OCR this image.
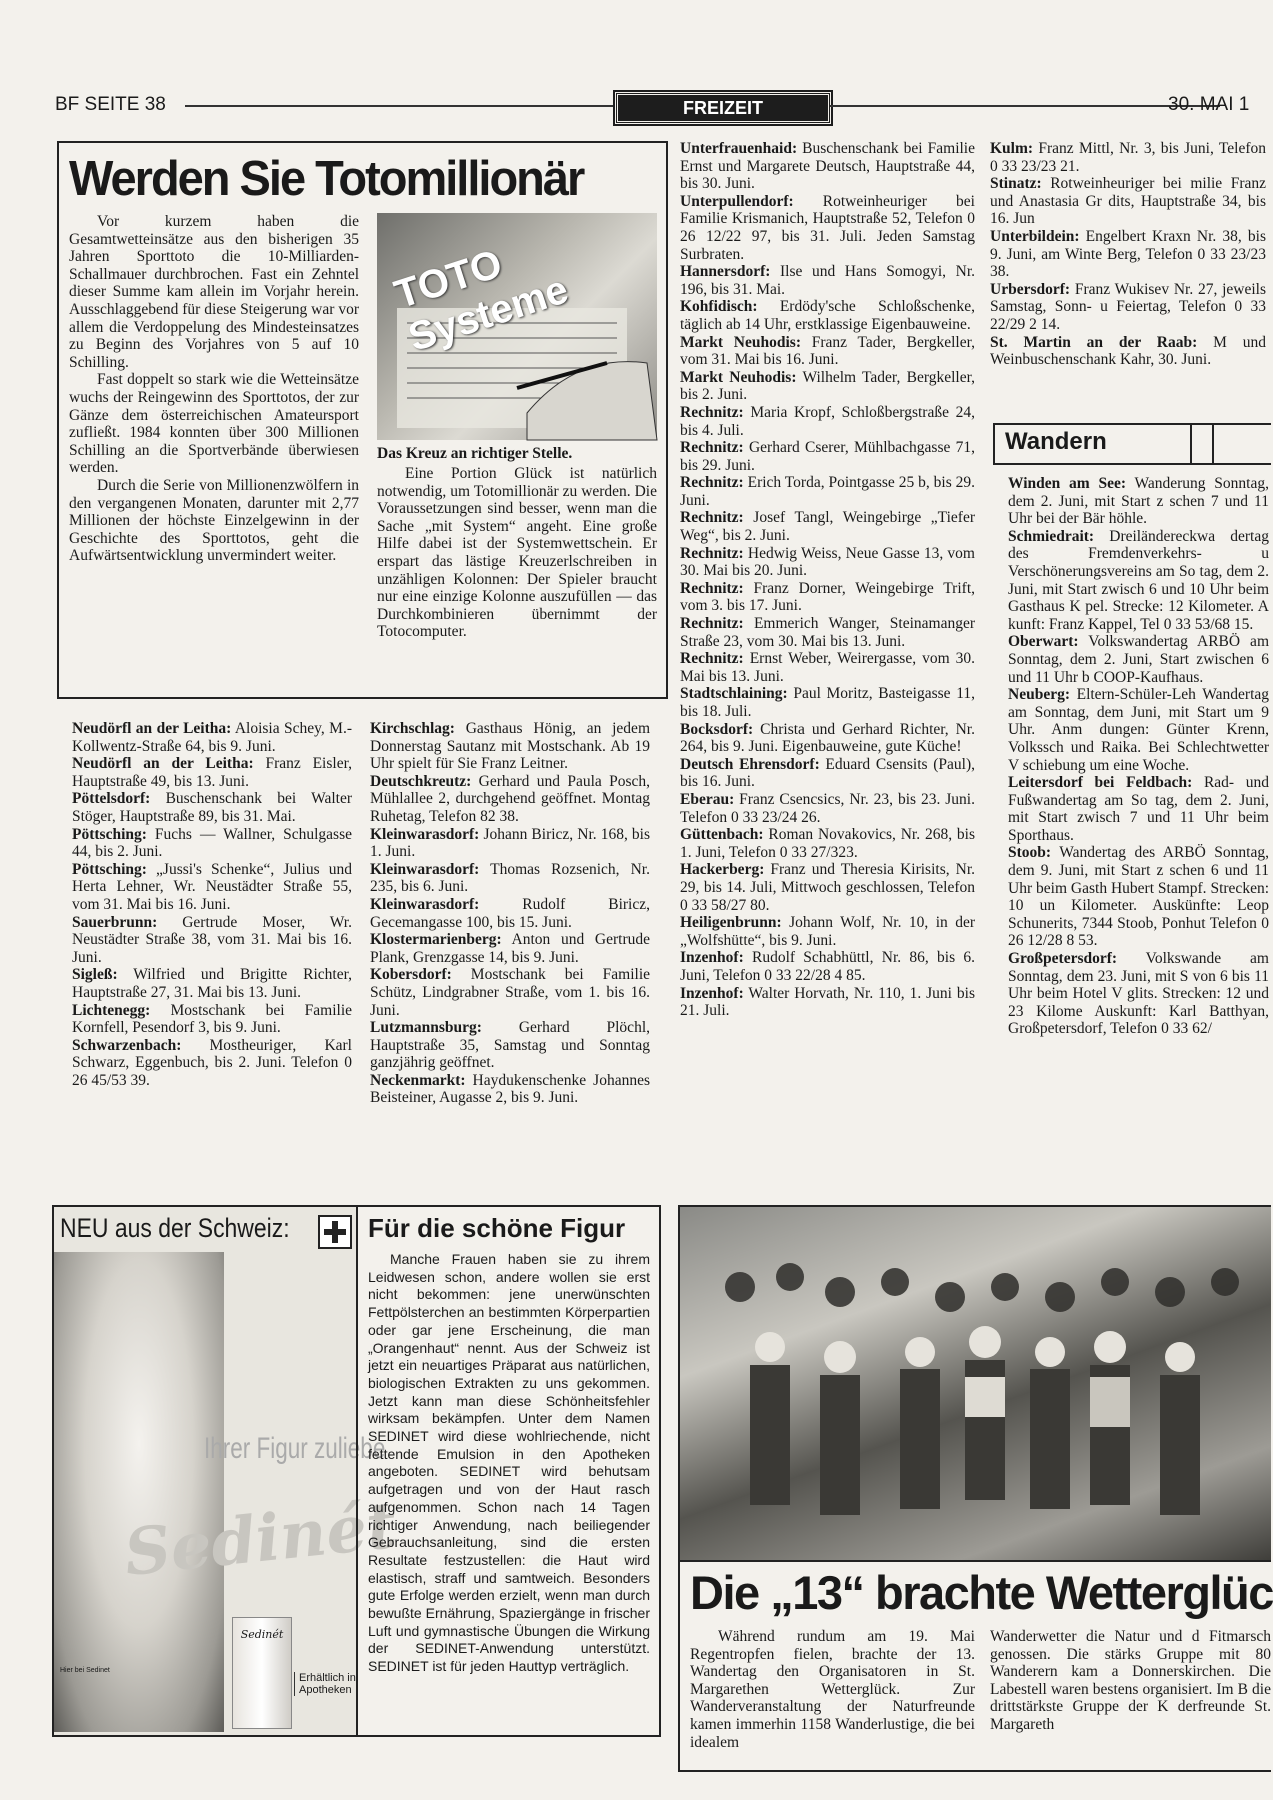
BF SEITE 38	FREIZEIT	30. MAI 1
Werden Sie Totomillionär

Vor kurzem haben die Gesamtwetteinsätze aus den bisherigen 35 Jahren Sporttoto die 10-Milliarden-Schallmauer durchbrochen. Fast ein Zehntel dieser Summe kam allein im Vorjahr herein. Ausschlaggebend für diese Steigerung war vor allem die Verdoppelung des Mindesteinsatzes zu Beginn des Vorjahres von 5 auf 10 Schilling.

Fast doppelt so stark wie die Wetteinsätze wuchs der Reingewinn des Sporttotos, der zur Gänze dem österreichischen Amateursport zufließt. 1984 konnten über 300 Millionen Schilling an die Sportverbände überwiesen werden.

Durch die Serie von Millionenzwölfern in den vergangenen Monaten, darunter mit 2,77 Millionen der höchste Einzelgewinn in der Geschichte des Sporttotos, geht die Aufwärtsentwicklung unvermindert weiter.

TOTO Systeme
Das Kreuz an richtiger Stelle.

Eine Portion Glück ist natürlich notwendig, um Totomillionär zu werden. Die Voraussetzungen sind besser, wenn man die Sache „mit System“ angeht. Eine große Hilfe dabei ist der Systemwettschein. Er erspart das lästige Kreuzerlschreiben in unzähligen Kolonnen: Der Spieler braucht nur eine einzige Kolonne auszufüllen — das Durchkombinieren übernimmt der Totocomputer.

Neudörfl an der Leitha: Aloisia Schey, M.-Kollwentz-Straße 64, bis 9. Juni.

Neudörfl an der Leitha: Franz Eisler, Hauptstraße 49, bis 13. Juni.

Pöttelsdorf: Buschenschank bei Walter Stöger, Hauptstraße 89, bis 31. Mai.

Pöttsching: Fuchs — Wallner, Schulgasse 44, bis 2. Juni.

Pöttsching: „Jussi's Schenke“, Julius und Herta Lehner, Wr. Neustädter Straße 55, vom 31. Mai bis 16. Juni.

Sauerbrunn: Gertrude Moser, Wr. Neustädter Straße 38, vom 31. Mai bis 16. Juni.

Sigleß: Wilfried und Brigitte Richter, Hauptstraße 27, 31. Mai bis 13. Juni.

Lichtenegg: Mostschank bei Familie Kornfell, Pesendorf 3, bis 9. Juni.

Schwarzenbach: Mostheuriger, Karl Schwarz, Eggenbuch, bis 2. Juni. Telefon 0 26 45/53 39.

Kirchschlag: Gasthaus Hönig, an jedem Donnerstag Sautanz mit Mostschank. Ab 19 Uhr spielt für Sie Franz Leitner.

Deutschkreutz: Gerhard und Paula Posch, Mühlallee 2, durchgehend geöffnet. Montag Ruhetag, Telefon 82 38.

Kleinwarasdorf: Johann Biricz, Nr. 168, bis 1. Juni.

Kleinwarasdorf: Thomas Rozsenich, Nr. 235, bis 6. Juni.

Kleinwarasdorf: Rudolf Biricz, Gecemangasse 100, bis 15. Juni.

Klostermarienberg: Anton und Gertrude Plank, Grenzgasse 14, bis 9. Juni.

Kobersdorf: Mostschank bei Familie Schütz, Lindgrabner Straße, vom 1. bis 16. Juni.

Lutzmannsburg: Gerhard Plöchl, Hauptstraße 35, Samstag und Sonntag ganzjährig geöffnet.

Neckenmarkt: Haydukenschenke Johannes Beisteiner, Augasse 2, bis 9. Juni.

Unterfrauenhaid: Buschenschank bei Familie Ernst und Margarete Deutsch, Hauptstraße 44, bis 30. Juni.

Unterpullendorf: Rotweinheuriger bei Familie Krismanich, Hauptstraße 52, Telefon 0 26 12/22 97, bis 31. Juli. Jeden Samstag Surbraten.

Hannersdorf: Ilse und Hans Somogyi, Nr. 196, bis 31. Mai.

Kohfidisch: Erdödy'sche Schloßschenke, täglich ab 14 Uhr, erstklassige Eigenbauweine.

Markt Neuhodis: Franz Tader, Bergkeller, vom 31. Mai bis 16. Juni.

Markt Neuhodis: Wilhelm Tader, Bergkeller, bis 2. Juni.

Rechnitz: Maria Kropf, Schloßbergstraße 24, bis 4. Juli.

Rechnitz: Gerhard Cserer, Mühlbachgasse 71, bis 29. Juni.

Rechnitz: Erich Torda, Pointgasse 25 b, bis 29. Juni.

Rechnitz: Josef Tangl, Weingebirge „Tiefer Weg“, bis 2. Juni.

Rechnitz: Hedwig Weiss, Neue Gasse 13, vom 30. Mai bis 20. Juni.

Rechnitz: Franz Dorner, Weingebirge Trift, vom 3. bis 17. Juni.

Rechnitz: Emmerich Wanger, Steinamanger Straße 23, vom 30. Mai bis 13. Juni.

Rechnitz: Ernst Weber, Weirergasse, vom 30. Mai bis 13. Juni.

Stadtschlaining: Paul Moritz, Basteigasse 11, bis 18. Juli.

Bocksdorf: Christa und Gerhard Richter, Nr. 264, bis 9. Juni. Eigenbauweine, gute Küche!

Deutsch Ehrensdorf: Eduard Csensits (Paul), bis 16. Juni.

Eberau: Franz Csencsics, Nr. 23, bis 23. Juni. Telefon 0 33 23/24 26.

Güttenbach: Roman Novakovics, Nr. 268, bis 1. Juni, Telefon 0 33 27/323.

Hackerberg: Franz und Theresia Kirisits, Nr. 29, bis 14. Juli, Mittwoch geschlossen, Telefon 0 33 58/27 80.

Heiligenbrunn: Johann Wolf, Nr. 10, in der „Wolfshütte“, bis 9. Juni.

Inzenhof: Rudolf Schabhüttl, Nr. 86, bis 6. Juni, Telefon 0 33 22/28 4 85.

Inzenhof: Walter Horvath, Nr. 110, 1. Juni bis 21. Juli.

Kulm: Franz Mittl, Nr. 3, bis Juni, Telefon 0 33 23/23 21.

Stinatz: Rotweinheuriger bei milie Franz und Anastasia Gr dits, Hauptstraße 34, bis 16. Jun

Unterbildein: Engelbert Kraxn Nr. 38, bis 9. Juni, am Winte Berg, Telefon 0 33 23/23 38.

Urbersdorf: Franz Wukisev Nr. 27, jeweils Samstag, Sonn- u Feiertag, Telefon 0 33 22/29 2 14.

St. Martin an der Raab: M und Weinbuschenschank Kahr, 30. Juni.

Wandern

Winden am See: Wanderung Sonntag, dem 2. Juni, mit Start z schen 7 und 11 Uhr bei der Bär höhle.

Schmiedrait: Dreiländereckwa dertag des Fremdenverkehrs- u Verschönerungsvereins am So tag, dem 2. Juni, mit Start zwisch 6 und 10 Uhr beim Gasthaus K pel. Strecke: 12 Kilometer. A kunft: Franz Kappel, Tel 0 33 53/68 15.

Oberwart: Volkswandertag ARBÖ am Sonntag, dem 2. Juni, Start zwischen 6 und 11 Uhr b COOP-Kaufhaus.

Neuberg: Eltern-Schüler-Leh Wandertag am Sonntag, dem Juni, mit Start um 9 Uhr. Anm dungen: Günter Krenn, Volkssch und Raika. Bei Schlechtwetter V schiebung um eine Woche.

Leitersdorf bei Feldbach: Rad- und Fußwandertag am So tag, dem 2. Juni, mit Start zwisch 7 und 11 Uhr beim Sporthaus.

Stoob: Wandertag des ARBÖ Sonntag, dem 9. Juni, mit Start z schen 6 und 11 Uhr beim Gasth Hubert Stampf. Strecken: 10 un Kilometer. Auskünfte: Leop Schunerits, 7344 Stoob, Ponhut Telefon 0 26 12/28 8 53.

Großpetersdorf: Volkswande am Sonntag, dem 23. Juni, mit S von 6 bis 11 Uhr beim Hotel V glits. Strecken: 12 und 23 Kilome Auskunft: Karl Batthyan, Großpetersdorf, Telefon 0 33 62/

NEU aus der Schweiz:
Ihrer Figur zuliebe
Sedinét
Sedinét
Hier bei Sedinet
Erhältlich in Apotheken
Für die schöne Figur
Manche Frauen haben sie zu ihrem Leidwesen schon, andere wollen sie erst nicht bekommen: jene unerwünschten Fettpölsterchen an bestimmten Körperpartien oder gar jene Erscheinung, die man „Orangenhaut“ nennt. Aus der Schweiz ist jetzt ein neuartiges Präparat aus natürlichen, biologischen Extrakten zu uns gekommen. Jetzt kann man diese Schönheitsfehler wirksam bekämpfen. Unter dem Namen SEDINET wird diese wohlriechende, nicht fettende Emulsion in den Apotheken angeboten. SEDINET wird behutsam aufgetragen und von der Haut rasch aufgenommen. Schon nach 14 Tagen richtiger Anwendung, nach beiliegender Gebrauchsanleitung, sind die ersten Resultate festzustellen: die Haut wird elastisch, straff und samtweich. Besonders gute Erfolge werden erzielt, wenn man durch bewußte Ernährung, Spaziergänge in frischer Luft und gymnastische Übungen die Wirkung der SEDINET-Anwendung unterstützt. SEDINET ist für jeden Hauttyp verträglich.
Die „13“ brachte Wetterglüc

Während rundum am 19. Mai Regentropfen fielen, brachte der 13. Wandertag den Organisatoren in St. Margarethen Wetterglück. Zur Wanderveranstaltung der Naturfreunde kamen immerhin 1158 Wanderlustige, die bei idealem

Wanderwetter die Natur und d Fitmarsch genossen. Die stärks Gruppe mit 80 Wanderern kam a Donnerskirchen. Die Labestell waren bestens organisiert. Im B die drittstärkste Gruppe der K derfreunde St. Margareth
